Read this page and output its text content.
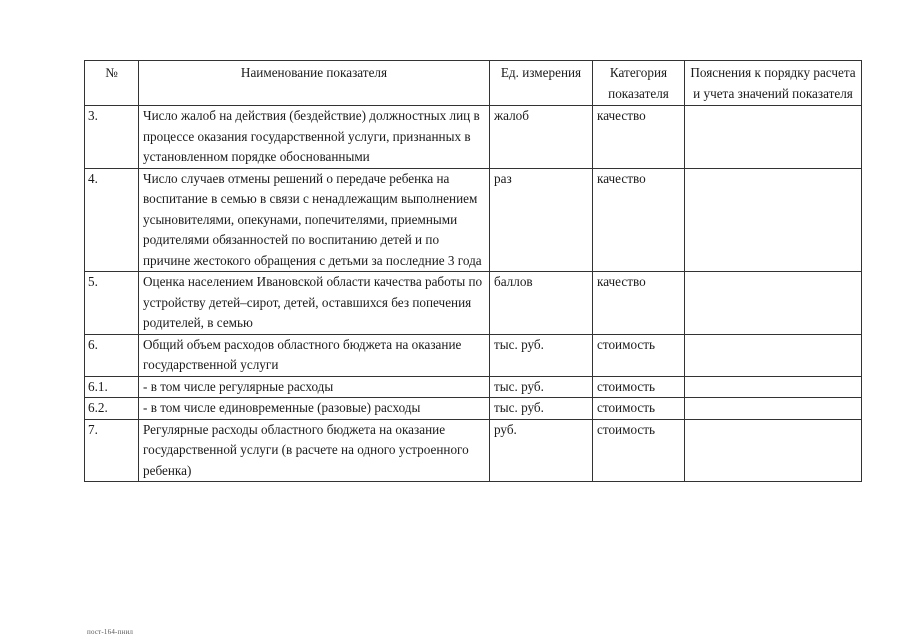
№	Наименование показателя	Ед. измерения	Категория показателя	Пояснения к порядку расчета и учета значений показателя
3.	Число жалоб на действия (бездействие) должностных лиц в процессе оказания государственной услуги, признанных в установленном порядке обоснованными	жалоб	качество	
4.	Число случаев отмены решений о передаче ребенка на воспитание в семью в связи с ненадлежащим выполнением усыновителями, опекунами, попечителями, приемными родителями обязанностей по воспитанию детей и по причине жестокого обращения с детьми за последние 3 года	раз	качество	
5.	Оценка населением Ивановской области качества работы по устройству детей–сирот, детей, оставшихся без попечения родителей, в семью	баллов	качество	
6.	Общий объем расходов областного бюджета на оказание государственной услуги	тыс. руб.	стоимость	
6.1.	- в том числе регулярные расходы	тыс. руб.	стоимость	
6.2.	- в том числе единовременные (разовые) расходы	тыс. руб.	стоимость	
7.	Регулярные расходы областного бюджета на оказание государственной услуги (в расчете на одного устроенного ребенка)	руб.	стоимость	
пост-164-пнил
